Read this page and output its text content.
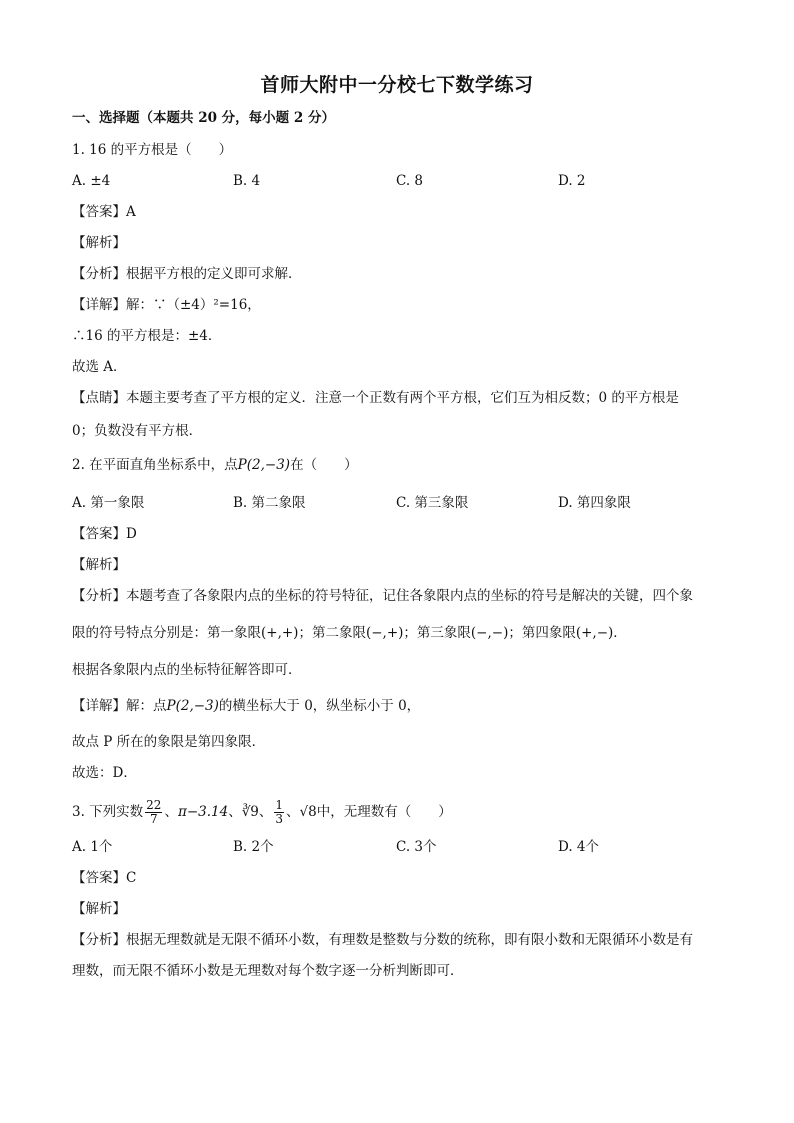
首师大附中一分校七下数学练习
一、选择题（本题共 20 分，每小题 2 分）
1. 16 的平方根是（　　）
A. ±4	B. 4	C. 8	D. 2
【答案】A
【解析】
【分析】根据平方根的定义即可求解．
【详解】解：∵（±4）²=16，
∴16 的平方根是：±4．
故选 A．
【点睛】本题主要考查了平方根的定义．注意一个正数有两个平方根，它们互为相反数；0 的平方根是
0；负数没有平方根．
2. 在平面直角坐标系中，点P(2,−3)在（　　）
A. 第一象限	B. 第二象限	C. 第三象限	D. 第四象限
【答案】D
【解析】
【分析】本题考查了各象限内点的坐标的符号特征，记住各象限内点的坐标的符号是解决的关键，四个象
限的符号特点分别是：第一象限(+,+)；第二象限(−,+)；第三象限(−,−)；第四象限(+,−)．
根据各象限内点的坐标特征解答即可．
【详解】解：点P(2,−3)的横坐标大于 0，纵坐标小于 0，
故点 P 所在的象限是第四象限．
故选：D．
3. 下列实数 $\frac{22}{7}$ 、π−3.14、∛9、 $\frac{1}{3}$ 、√8中，无理数有（　　）
A. 1个	B. 2个	C. 3个	D. 4个
【答案】C
【解析】
【分析】根据无理数就是无限不循环小数，有理数是整数与分数的统称，即有限小数和无限循环小数是有
理数，而无限不循环小数是无理数对每个数字逐一分析判断即可．
